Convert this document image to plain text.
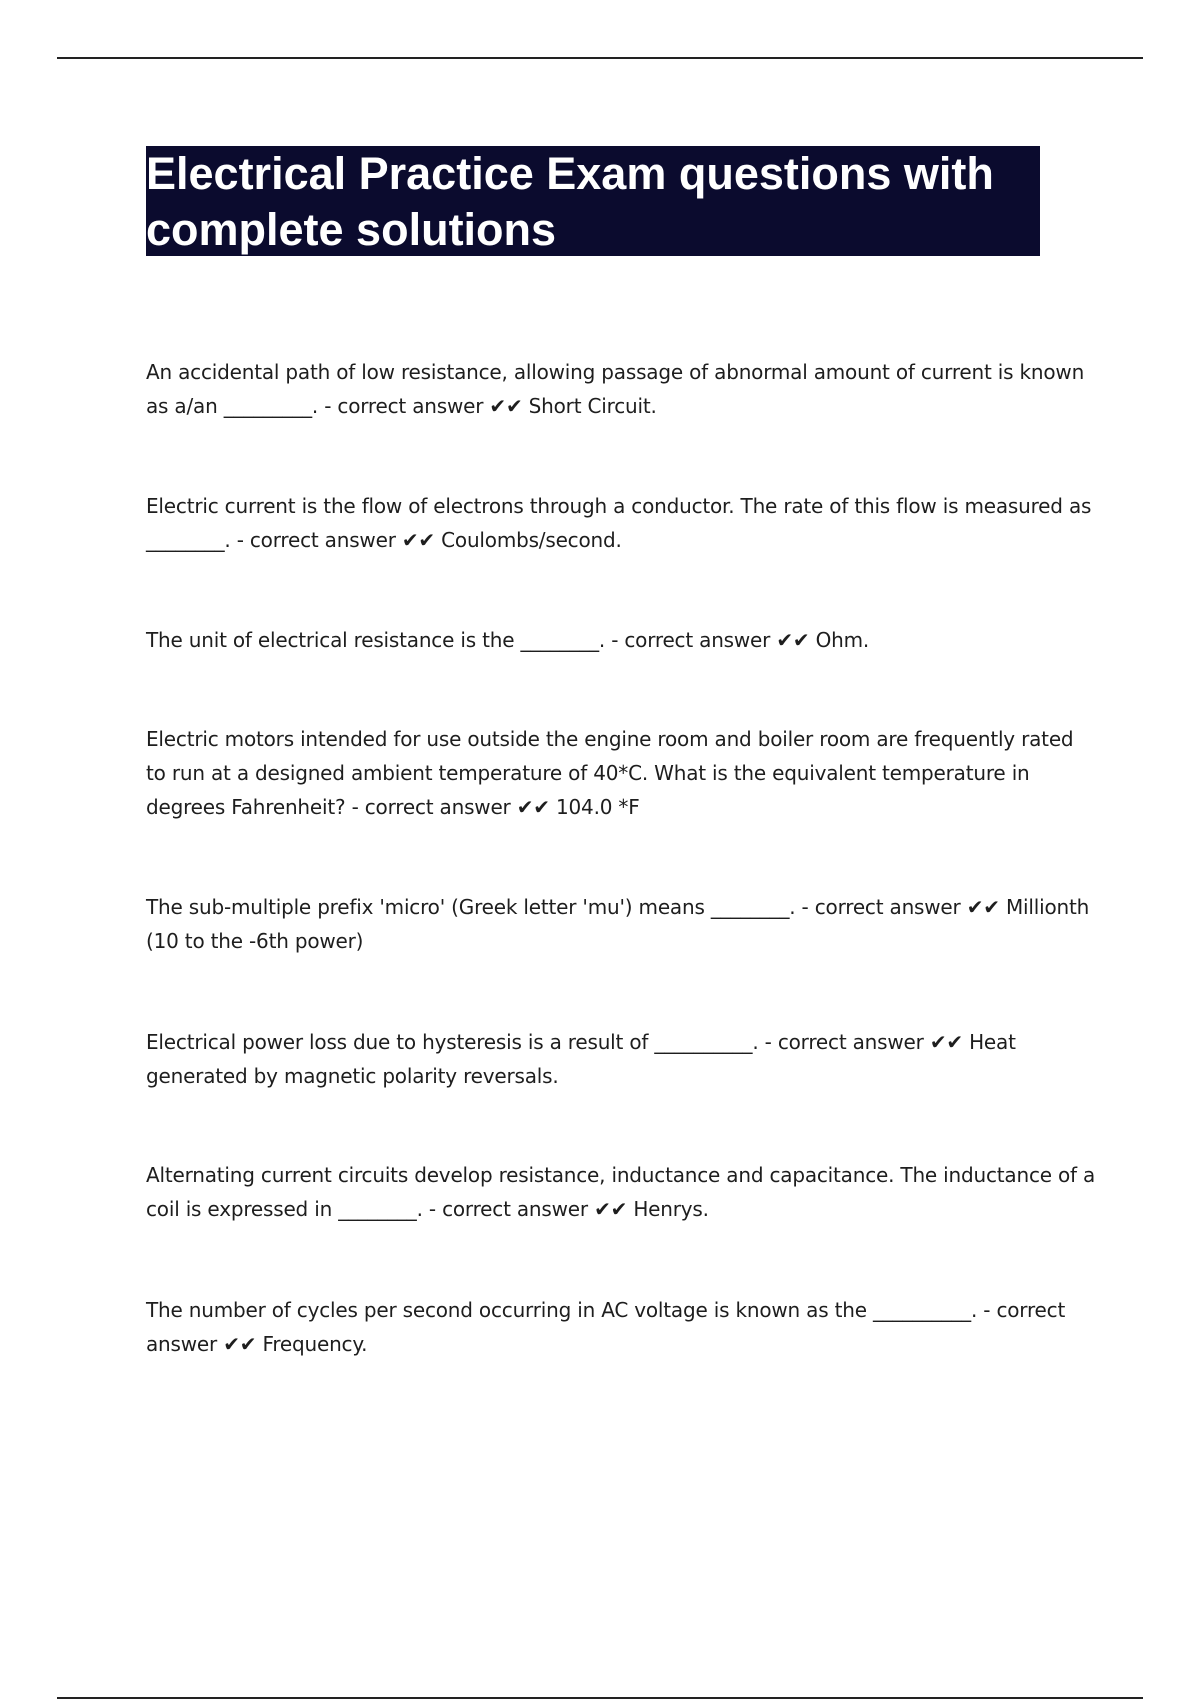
Electrical Practice Exam questions with complete solutions

An accidental path of low resistance, allowing passage of abnormal amount of current is known as a/an _________. - correct answer ✔✔ Short Circuit.

Electric current is the flow of electrons through a conductor. The rate of this flow is measured as ________. - correct answer ✔✔ Coulombs/second.

The unit of electrical resistance is the ________. - correct answer ✔✔ Ohm.

Electric motors intended for use outside the engine room and boiler room are frequently rated to run at a designed ambient temperature of 40*C. What is the equivalent temperature in degrees Fahrenheit? - correct answer ✔✔ 104.0 *F

The sub-multiple prefix 'micro' (Greek letter 'mu') means ________. - correct answer ✔✔ Millionth (10 to the -6th power)

Electrical power loss due to hysteresis is a result of __________. - correct answer ✔✔ Heat generated by magnetic polarity reversals.

Alternating current circuits develop resistance, inductance and capacitance. The inductance of a coil is expressed in ________. - correct answer ✔✔ Henrys.

The number of cycles per second occurring in AC voltage is known as the __________. - correct answer ✔✔ Frequency.
